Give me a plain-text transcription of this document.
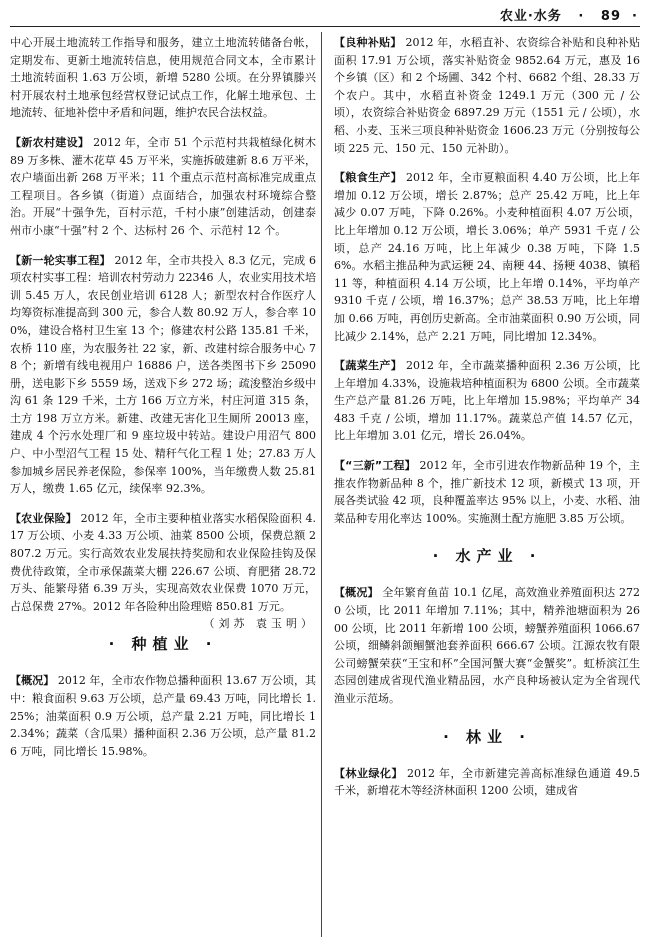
农业·水务   ·   89  ·

中心开展土地流转工作指导和服务，建立土地流转储备台帐，定期发布、更新土地流转信息，使用规范合同文本，全市累计土地流转面积 1.63 万公顷，新增 5280 公顷。在分界镇滕兴村开展农村土地承包经营权登记试点工作，化解土地承包、土地流转、征地补偿中矛盾和问题，维护农民合法权益。

【新农村建设】 2012 年，全市 51 个示范村共栽植绿化树木 89 万多株、灌木花草 45 万平米，实施拆破建新 8.6 万平米，农户墙面出新 268 万平米；11 个重点示范村高标准完成重点工程项目。各乡镇（街道）点面结合，加强农村环境综合整治。开展“十强争先，百村示范，千村小康”创建活动，创建泰州市小康“十强”村 2 个、达标村 26 个、示范村 12 个。

【新一轮实事工程】 2012 年，全市共投入 8.3 亿元，完成 6 项农村实事工程：培训农村劳动力 22346 人，农业实用技术培训 5.45 万人，农民创业培训 6128 人；新型农村合作医疗人均筹资标准提高到 300 元，参合人数 80.92 万人，参合率 100%，建设合格村卫生室 13 个；修建农村公路 135.81 千米，农桥 110 座，为农服务社 22 家，新、改建村综合服务中心 78 个；新增有线电视用户 16886 户，送各类图书下乡 25090 册，送电影下乡 5559 场，送戏下乡 272 场；疏浚整治乡级中沟 61 条 129 千米，土方 166 万立方米，村庄河道 315 条，土方 198 万立方米。新建、改建无害化卫生厕所 20013 座，建成 4 个污水处理厂和 9 座垃圾中转站。建设户用沼气 800 户、中小型沼气工程 15 处、精秆气化工程 1 处；27.83 万人参加城乡居民养老保险，参保率 100%，当年缴费人数 25.81 万人，缴费 1.65 亿元，续保率 92.3%。

【农业保险】 2012 年，全市主要种植业落实水稻保险面积 4.17 万公顷、小麦 4.33 万公顷、油菜 8500 公顷，保费总额 2807.2 万元。实行高效农业发展扶持奖励和农业保险挂钩及保费优待政策，全市承保蔬菜大棚 226.67 公顷、育肥猪 28.72 万头、能繁母猪 6.39 万头，实现高效农业保费 1070 万元，占总保费 27%。2012 年各险种出险理赔 850.81 万元。
（刘苏 袁玉明）

· 种植业 ·

【概况】 2012 年，全市农作物总播种面积 13.67 万公顷，其中：粮食面积 9.63 万公顷，总产量 69.43 万吨，同比增长 1.25%；油菜面积 0.9 万公顷，总产量 2.21 万吨，同比增长 12.34%；蔬菜（含瓜果）播种面积 2.36 万公顷，总产量 81.26 万吨，同比增长 15.98%。

【良种补贴】 2012 年，水稻直补、农资综合补贴和良种补贴面积 17.91 万公顷，落实补贴资金 9852.64 万元，惠及 16 个乡镇（区）和 2 个场圃、342 个村、6682 个组、28.33 万个农户。其中，水稻直补资金 1249.1 万元（300 元 / 公顷），农资综合补贴资金 6897.29 万元（1551 元 / 公顷），水稻、小麦、玉米三项良种补贴资金 1606.23 万元（分别按每公顷 225 元、150 元、150 元补助）。

【粮食生产】 2012 年，全市夏粮面积 4.40 万公顷，比上年增加 0.12 万公顷，增长 2.87%；总产 25.42 万吨，比上年减少 0.07 万吨，下降 0.26%。小麦种植面积 4.07 万公顷，比上年增加 0.12 万公顷，增长 3.06%；单产 5931 千克 / 公顷，总产 24.16 万吨，比上年减少 0.38 万吨，下降 1.56%。水稻主推品种为武运粳 24、南粳 44、扬粳 4038、镇稻 11 等，种植面积 4.14 万公顷，比上年增 0.14%，平均单产 9310 千克 / 公顷，增 16.37%；总产 38.53 万吨，比上年增加 0.66 万吨，再创历史新高。全市油菜面积 0.90 万公顷，同比减少 2.14%，总产 2.21 万吨，同比增加 12.34%。

【蔬菜生产】 2012 年，全市蔬菜播种面积 2.36 万公顷，比上年增加 4.33%，设施栽培种植面积为 6800 公顷。全市蔬菜生产总产量 81.26 万吨，比上年增加 15.98%；平均单产 34483 千克 / 公顷，增加 11.17%。蔬菜总产值 14.57 亿元，比上年增加 3.01 亿元，增长 26.04%。

【“三新”工程】 2012 年，全市引进农作物新品种 19 个，主推农作物新品种 8 个，推广新技术 12 项，新模式 13 项，开展各类试验 42 项，良种覆盖率达 95% 以上，小麦、水稻、油菜品种专用化率达 100%。实施测土配方施肥 3.85 万公顷。

· 水产业 ·

【概况】 全年繁育鱼苗 10.1 亿尾，高效渔业养殖面积达 2720 公顷，比 2011 年增加 7.11%；其中，精养池塘面积为 2600 公顷，比 2011 年新增 100 公顷，螃蟹养殖面积 1066.67 公顷，细鳞斜颌鲴蟹池套养面积 666.67 公顷。江源农牧有限公司螃蟹荣获“王宝和杯”全国河蟹大赛“金蟹奖”。虹桥滨江生态园创建成省现代渔业精品园，水产良种场被认定为全省现代渔业示范场。

· 林业 ·

【林业绿化】 2012 年，全市新建完善高标准绿色通道 49.5 千米，新增花木等经济林面积 1200 公顷，建成省
